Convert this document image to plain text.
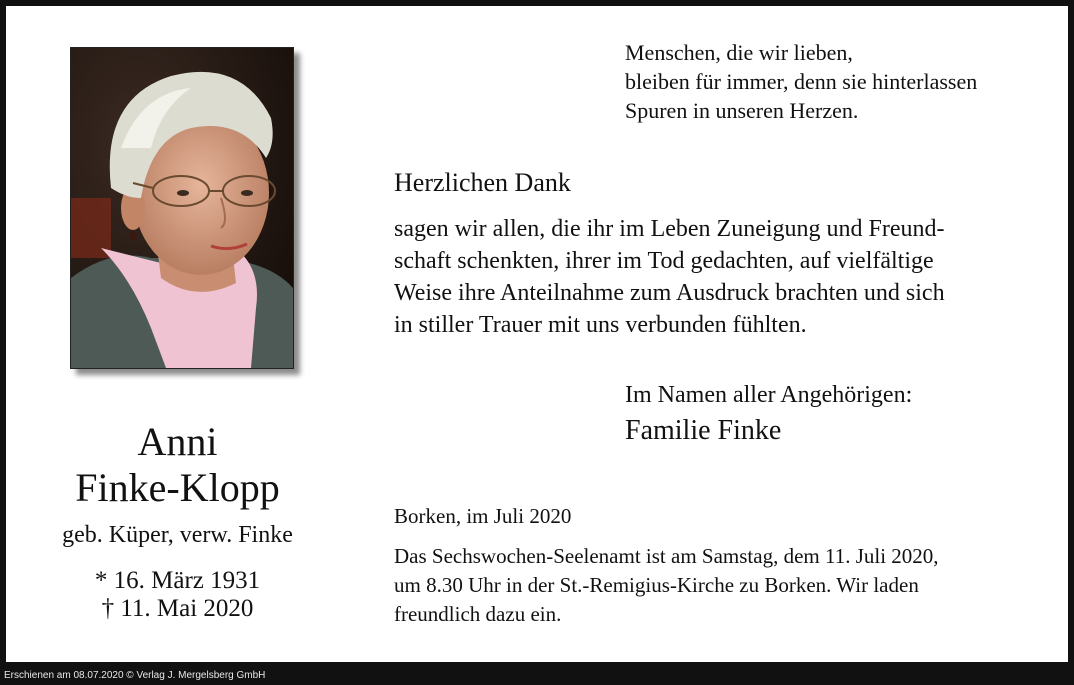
Anni
Finke-Klopp
geb. Küper, verw. Finke
* 16. März 1931
† 11. Mai 2020
Menschen, die wir lieben,
bleiben für immer, denn sie hinterlassen
Spuren in unseren Herzen.
Herzlichen Dank
sagen wir allen, die ihr im Leben Zuneigung und Freund-
schaft schenkten, ihrer im Tod gedachten, auf vielfältige
Weise ihre Anteilnahme zum Ausdruck brachten und sich
in stiller Trauer mit uns verbunden fühlten.
Im Namen aller Angehörigen:
Familie Finke
Borken, im Juli 2020
Das Sechswochen-Seelenamt ist am Samstag, dem 11. Juli 2020,
um 8.30 Uhr in der St.-Remigius-Kirche zu Borken. Wir laden
freundlich dazu ein.
Erschienen am 08.07.2020 © Verlag J. Mergelsberg GmbH
